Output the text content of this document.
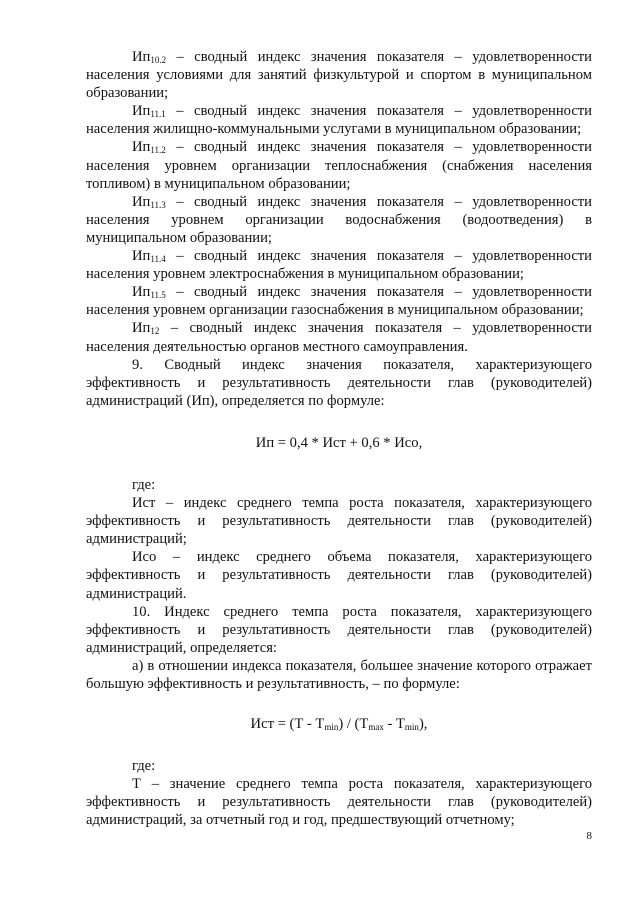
$Ип_{10.2}$ – сводный индекс значения показателя – удовлетворенности населения условиями для занятий физкультурой и спортом в муниципальном образовании;

$Ип_{11.1}$ – сводный индекс значения показателя – удовлетворенности населения жилищно-коммунальными услугами в муниципальном образовании;

$Ип_{11.2}$ – сводный индекс значения показателя – удовлетворенности населения уровнем организации теплоснабжения (снабжения населения топливом) в муниципальном образовании;

$Ип_{11.3}$ – сводный индекс значения показателя – удовлетворенности населения уровнем организации водоснабжения (водоотведения) в муниципальном образовании;

$Ип_{11.4}$ – сводный индекс значения показателя – удовлетворенности населения уровнем электроснабжения в муниципальном образовании;

$Ип_{11.5}$ – сводный индекс значения показателя – удовлетворенности населения уровнем организации газоснабжения в муниципальном образовании;

$Ип_{12}$ – сводный индекс значения показателя – удовлетворенности населения деятельностью органов местного самоуправления.

9. Сводный индекс значения показателя, характеризующего эффективность и результативность деятельности глав (руководителей) администраций (Ип), определяется по формуле:

Ип = 0,4 * Ист + 0,6 * Исо,

где:

Ист – индекс среднего темпа роста показателя, характеризующего эффективность и результативность деятельности глав (руководителей) администраций;

Исо – индекс среднего объема показателя, характеризующего эффективность и результативность деятельности глав (руководителей) администраций.

10. Индекс среднего темпа роста показателя, характеризующего эффективность и результативность деятельности глав (руководителей) администраций, определяется:

а) в отношении индекса показателя, большее значение которого отражает большую эффективность и результативность, – по формуле:

Ист = $(Т - Т_{min}) / (Т_{max} - Т_{min})$,

где:

Т – значение среднего темпа роста показателя, характеризующего эффективность и результативность деятельности глав (руководителей) администраций, за отчетный год и год, предшествующий отчетному;

8
